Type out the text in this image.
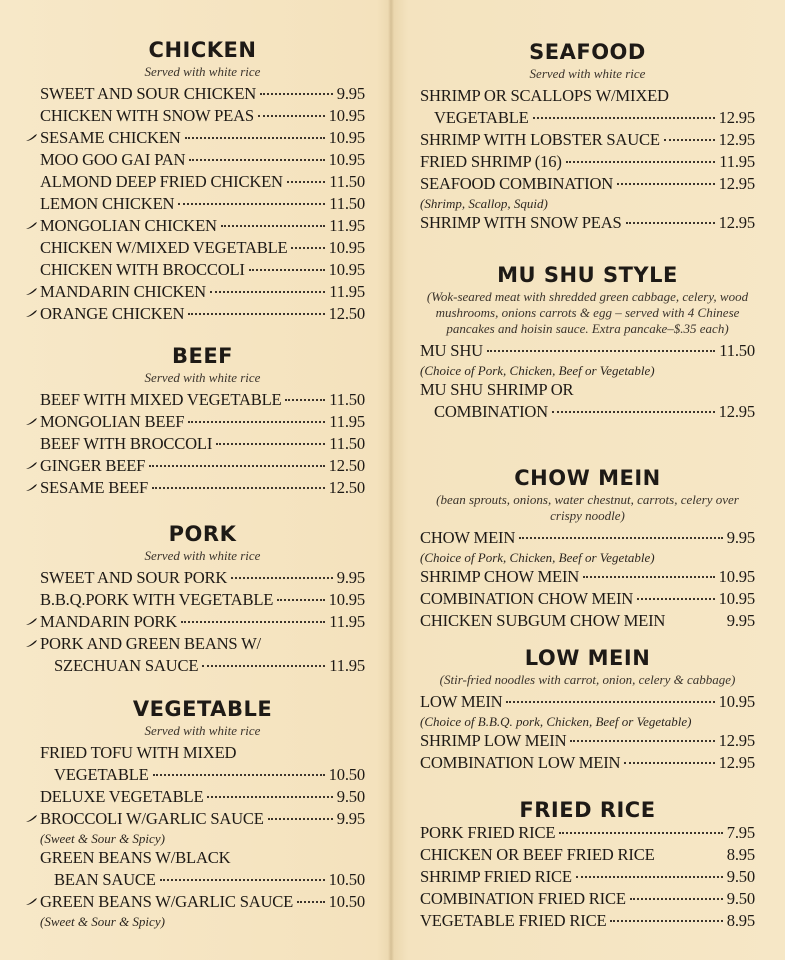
CHICKEN
Served with white rice
SWEET AND SOUR CHICKEN	9.95
CHICKEN WITH SNOW PEAS	10.95
SESAME CHICKEN	10.95
MOO GOO GAI PAN	10.95
ALMOND DEEP FRIED CHICKEN	11.50
LEMON CHICKEN	11.50
MONGOLIAN CHICKEN	11.95
CHICKEN W/MIXED VEGETABLE 10.95
CHICKEN WITH BROCCOLI	10.95
MANDARIN CHICKEN	11.95
ORANGE CHICKEN	12.50
BEEF
Served with white rice
BEEF WITH MIXED VEGETABLE	11.50
MONGOLIAN BEEF	11.95
BEEF WITH BROCCOLI	11.50
GINGER BEEF	12.50
SESAME BEEF	12.50
PORK
Served with white rice
SWEET AND SOUR PORK	9.95
B.B.Q.PORK WITH VEGETABLE	10.95
MANDARIN PORK	11.95
PORK AND GREEN BEANS W/
SZECHUAN SAUCE	11.95
VEGETABLE
Served with white rice
FRIED TOFU WITH MIXED
VEGETABLE	10.50
DELUXE VEGETABLE	9.50
BROCCOLI W/GARLIC SAUCE	9.95
(Sweet & Sour & Spicy)
GREEN BEANS W/BLACK
BEAN SAUCE	10.50
GREEN BEANS W/GARLIC SAUCE 10.50
(Sweet & Sour & Spicy)
SEAFOOD
Served with white rice
SHRIMP OR SCALLOPS W/MIXED
VEGETABLE	12.95
SHRIMP WITH LOBSTER SAUCE	12.95
FRIED SHRIMP (16)	11.95
SEAFOOD COMBINATION	12.95
(Shrimp, Scallop, Squid)
SHRIMP WITH SNOW PEAS	12.95
MU SHU STYLE
(Wok-seared meat with shredded green cabbage, celery, wood mushrooms, onions carrots & egg – served with 4 Chinese pancakes and hoisin sauce. Extra pancake–$.35 each)
MU SHU	11.50
(Choice of Pork, Chicken, Beef or Vegetable)
MU SHU SHRIMP OR
COMBINATION	12.95
CHOW MEIN
(bean sprouts, onions, water chestnut, carrots, celery over crispy noodle)
CHOW MEIN	9.95
(Choice of Pork, Chicken, Beef or Vegetable)
SHRIMP CHOW MEIN	10.95
COMBINATION CHOW MEIN	10.95
CHICKEN SUBGUM CHOW MEIN	9.95
LOW MEIN
(Stir-fried noodles with carrot, onion, celery & cabbage)
LOW MEIN	10.95
(Choice of B.B.Q. pork, Chicken, Beef or Vegetable)
SHRIMP LOW MEIN	12.95
COMBINATION LOW MEIN	12.95
FRIED RICE
PORK FRIED RICE	7.95
CHICKEN OR BEEF FRIED RICE	8.95
SHRIMP FRIED RICE	9.50
COMBINATION FRIED RICE	9.50
VEGETABLE FRIED RICE	8.95
